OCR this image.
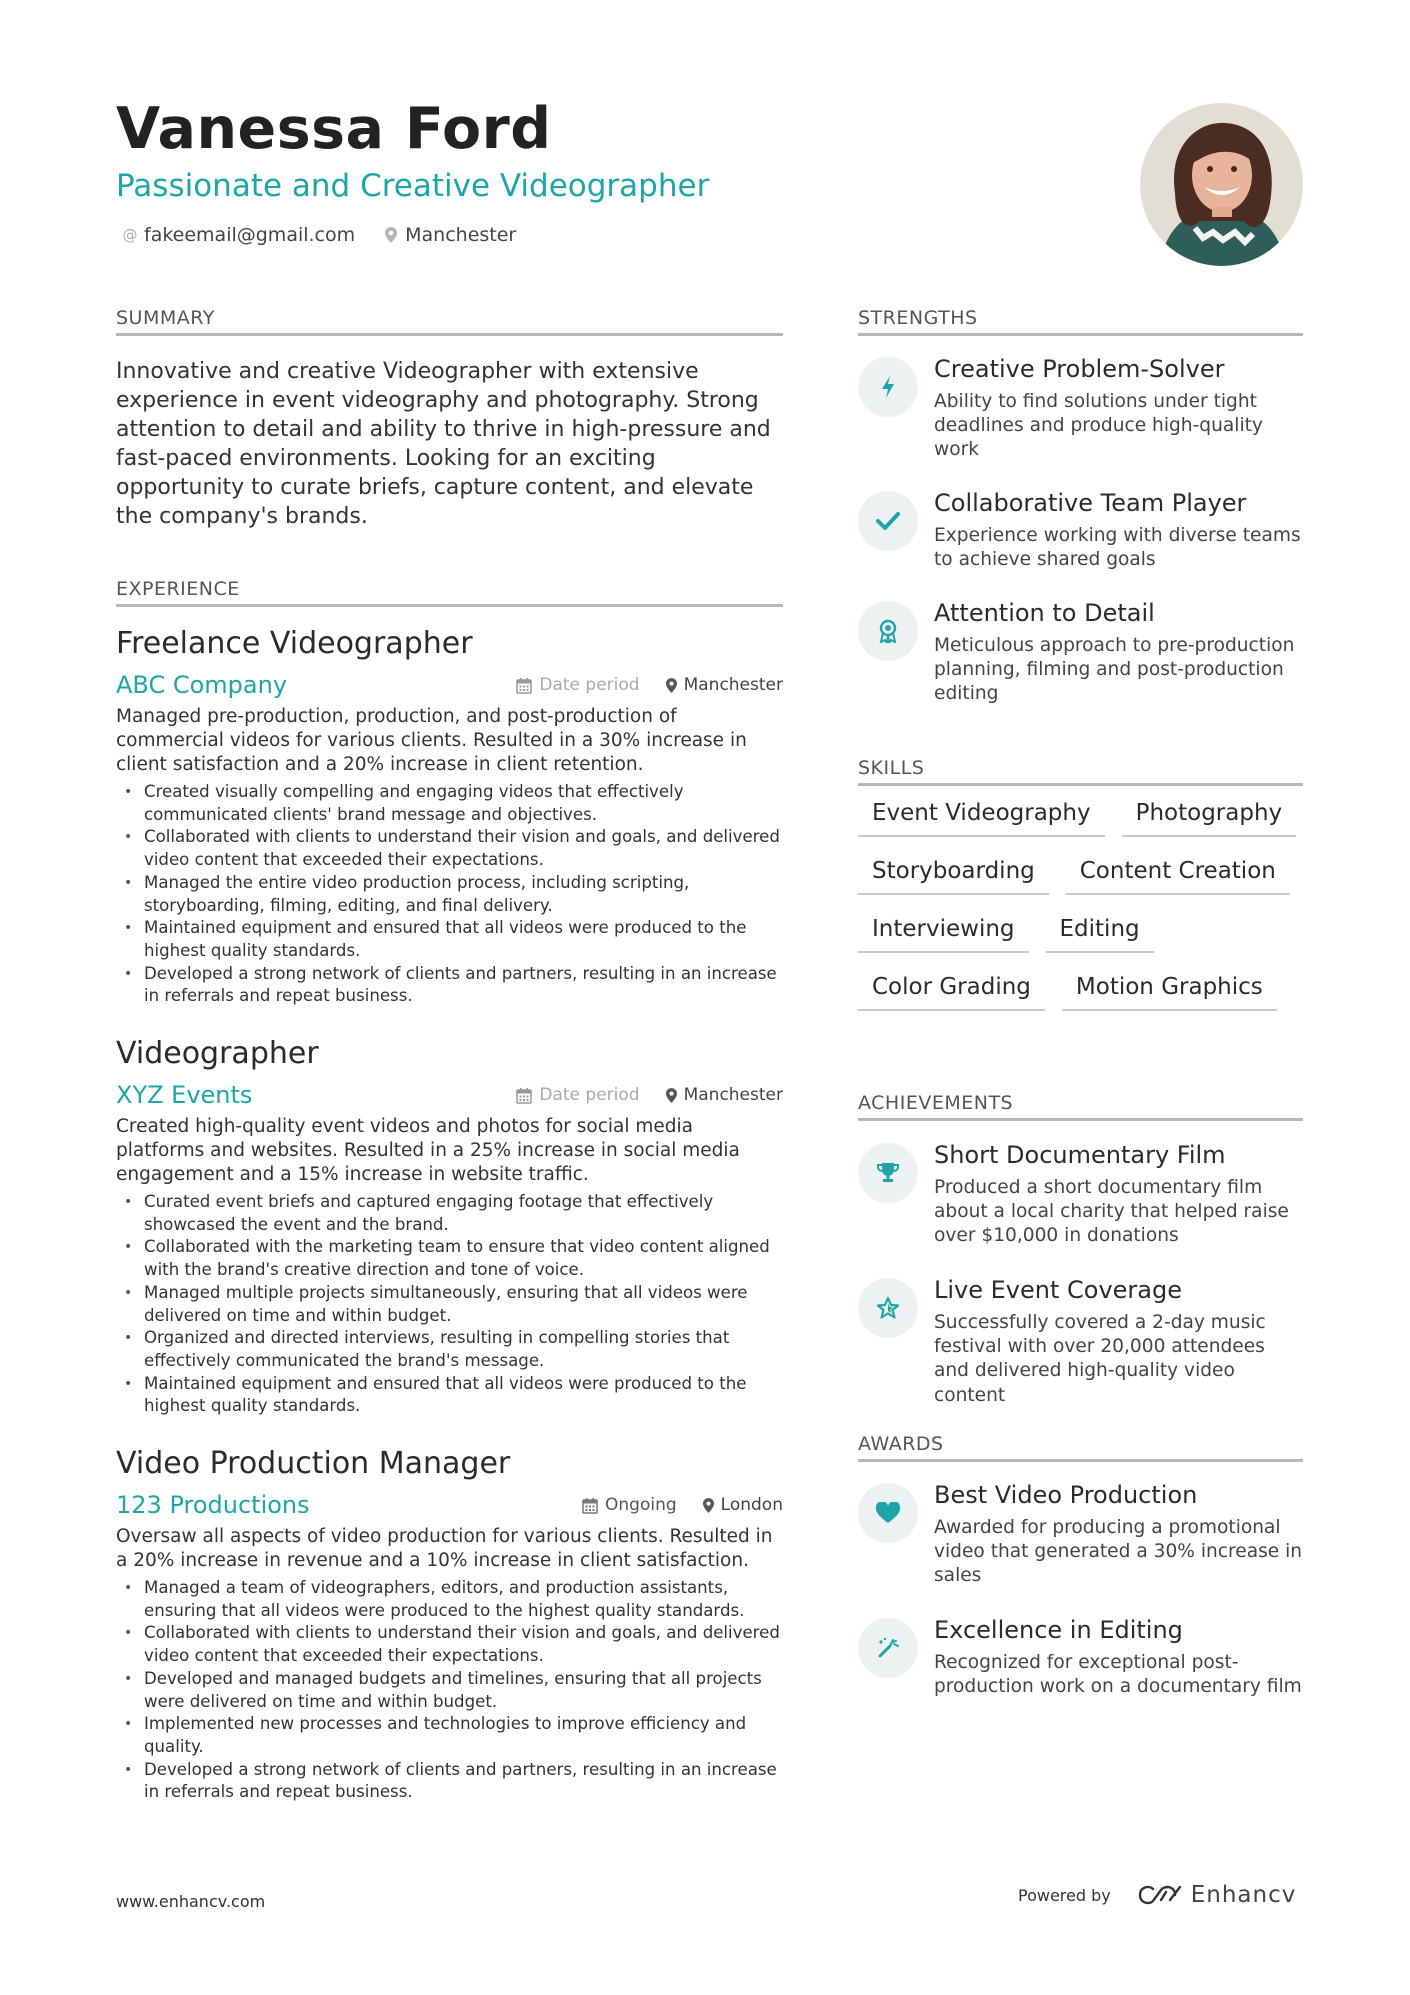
Vanessa Ford
Passionate and Creative Videographer
@ fakeemail@gmail.com	Manchester
SUMMARY
Innovative and creative Videographer with extensive experience in event videography and photography. Strong attention to detail and ability to thrive in high-pressure and fast-paced environments. Looking for an exciting opportunity to curate briefs, capture content, and elevate the company's brands.
EXPERIENCE
Freelance Videographer
ABC Company	Date period	Manchester
Managed pre-production, production, and post-production of commercial videos for various clients. Resulted in a 30% increase in client satisfaction and a 20% increase in client retention.
• Created visually compelling and engaging videos that effectively communicated clients' brand message and objectives.
• Collaborated with clients to understand their vision and goals, and delivered video content that exceeded their expectations.
• Managed the entire video production process, including scripting, storyboarding, filming, editing, and final delivery.
• Maintained equipment and ensured that all videos were produced to the highest quality standards.
• Developed a strong network of clients and partners, resulting in an increase in referrals and repeat business.
Videographer
XYZ Events	Date period	Manchester
Created high-quality event videos and photos for social media platforms and websites. Resulted in a 25% increase in social media engagement and a 15% increase in website traffic.
• Curated event briefs and captured engaging footage that effectively showcased the event and the brand.
• Collaborated with the marketing team to ensure that video content aligned with the brand's creative direction and tone of voice.
• Managed multiple projects simultaneously, ensuring that all videos were delivered on time and within budget.
• Organized and directed interviews, resulting in compelling stories that effectively communicated the brand's message.
• Maintained equipment and ensured that all videos were produced to the highest quality standards.
Video Production Manager
123 Productions	Ongoing	London
Oversaw all aspects of video production for various clients. Resulted in a 20% increase in revenue and a 10% increase in client satisfaction.
• Managed a team of videographers, editors, and production assistants, ensuring that all videos were produced to the highest quality standards.
• Collaborated with clients to understand their vision and goals, and delivered video content that exceeded their expectations.
• Developed and managed budgets and timelines, ensuring that all projects were delivered on time and within budget.
• Implemented new processes and technologies to improve efficiency and quality.
• Developed a strong network of clients and partners, resulting in an increase in referrals and repeat business.
STRENGTHS
Creative Problem-Solver
Ability to find solutions under tight deadlines and produce high-quality work
Collaborative Team Player
Experience working with diverse teams to achieve shared goals
Attention to Detail
Meticulous approach to pre-production planning, filming and post-production editing
SKILLS
Event Videography	Photography
Storyboarding	Content Creation
Interviewing	Editing
Color Grading	Motion Graphics
ACHIEVEMENTS
Short Documentary Film
Produced a short documentary film about a local charity that helped raise over $10,000 in donations
Live Event Coverage
Successfully covered a 2-day music festival with over 20,000 attendees and delivered high-quality video content
AWARDS
Best Video Production
Awarded for producing a promotional video that generated a 30% increase in sales
Excellence in Editing
Recognized for exceptional post-production work on a documentary film
www.enhancv.com	Powered by	Enhancv
